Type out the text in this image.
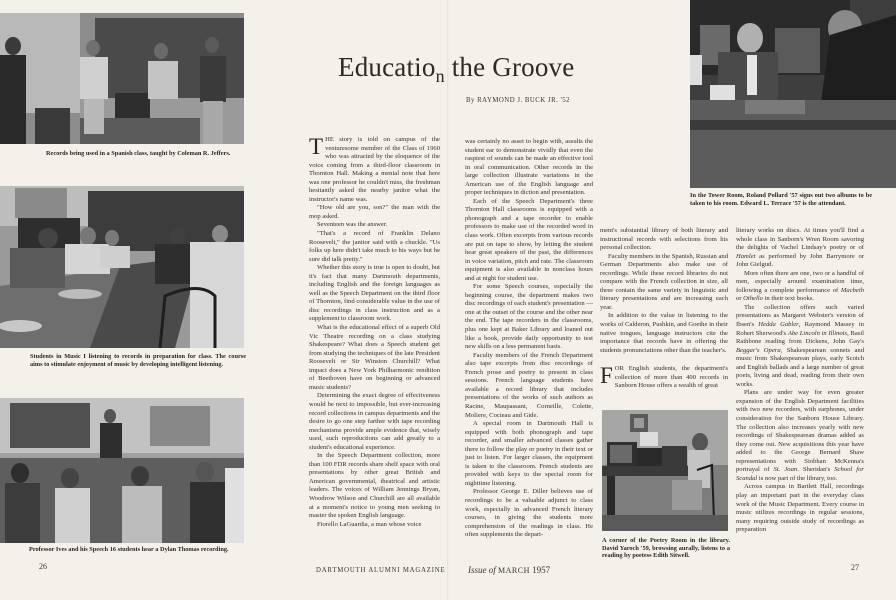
Records being used in a Spanish class, taught by Coleman R. Jeffers.
Students in Music I listening to records in preparation for class. The course aims to stimulate enjoyment of music by developing intelligent listening.
Professor Ives and his Speech 16 students hear a Dylan Thomas recording.
26
Educatio$_n$ the Groove
By RAYMOND J. BUCK JR. '52

THE story is told on campus of the venturesome member of the Class of 1960 who was attracted by the eloquence of the voice coming from a third-floor classroom in Thornton Hall. Making a mental note that here was one professor he couldn't miss, the freshman hesitantly asked the nearby janitor what the instructor's name was.

"How old are you, son?" the man with the mop asked.

Seventeen was the answer.

"That's a record of Franklin Delano Roosevelt," the janitor said with a chuckle. "Us folks up here didn't take much to his ways but he sure did talk pretty."

Whether this story is true is open to doubt, but it's fact that many Dartmouth departments, including English and the foreign languages as well as the Speech Department on the third floor of Thornton, find considerable value in the use of disc recordings in class instruction and as a supplement to classroom work.

What is the educational effect of a superb Old Vic Theatre recording on a class studying Shakespeare? What does a Speech student get from studying the techniques of the late President Roosevelt or Sir Winston Churchill? What impact does a New York Philharmonic rendition of Beethoven have on beginning or advanced music students?

Determining the exact degree of effectiveness would be next to impossible, but ever-increasing record collections in campus departments and the desire to go one step farther with tape recording mechanisms provide ample evidence that, wisely used, such reproductions can add greatly to a student's educational experience.

In the Speech Department collection, more than 100 FDR records share shelf space with oral presentations by other great British and American governmental, theatrical and artistic leaders. The voices of William Jennings Bryan, Woodrow Wilson and Churchill are all available at a moment's notice to young men seeking to master the spoken English language.

Fiorello LaGuardia, a man whose voice

DARTMOUTH ALUMNI MAGAZINE

was certainly no asset to begin with, assults the student ear to demonstrate vividly that even the raspiest of sounds can be made an effective tool in oral communication. Other records in the large collection illustrate variations in the American use of the English language and proper techniques in diction and presentation.

Each of the Speech Department's three Thornton Hall classrooms is equipped with a phonograph and a tape recorder to enable professors to make use of the recorded word in class work. Often excerpts from various records are put on tape to show, by letting the student hear great speakers of the past, the differences in voice variation, pitch and rate. The classroom equipment is also available in nonclass hours and at night for student use.

For some Speech courses, especially the beginning course, the department makes two disc recordings of each student's presentation — one at the outset of the course and the other near the end. The tape recorders in the classrooms, plus one kept at Baker Library and loaned out like a book, provide daily opportunity to test new skills on a less permanent basis.

Faculty members of the French Department also tape excerpts from disc recordings of French prose and poetry to present in class sessions. French language students have available a record library that includes presentations of the works of such authors as Racine, Maupassant, Corneille, Colette, Moliere, Cocteau and Gide.

A special room in Dartmouth Hall is equipped with both phonograph and tape recorder, and smaller advanced classes gather there to follow the play or poetry in their text or just to listen. For larger classes, the equipment is taken to the classroom. French students are provided with keys to the special room for nighttime listening.

Professor George E. Diller believes use of recordings to be a valuable adjunct to class work, especially in advanced French literary courses, in giving the students more comprehension of the readings in class. He often supplements the depart-

Issue of MARCH 1957

ment's substantial library of both literary and instructional records with selections from his personal collection.

Faculty members in the Spanish, Russian and German Departments also make use of recordings. While these record libraries do not compare with the French collection in size, all three contain the same variety in linguistic and literary presentations and are increasing each year.

In addition to the value in listening to the works of Calderon, Pushkin, and Goethe in their native tongues, language instructors cite the importance that records have in offering the students pronunciations other than the teacher's.

FOR English students, the department's collection of more than 400 records in Sanborn House offers a wealth of great

In the Tower Room, Roland Pollard '57 signs out two albums to be taken to his room. Edward L. Terrace '57 is the attendant.
A corner of the Poetry Room in the library. David Yaroch '59, browsing aurally, listens to a reading by poetess Edith Sitwell.

literary works on discs. At times you'll find a whole class in Sanborn's Wren Room savoring the delights of Vachel Lindsay's poetry or of Hamlet as performed by John Barrymore or John Gielgud.

More often there are one, two or a handful of men, especially around examination time, following a complete performance of Macbeth or Othello in their text books.

The collection offers such varied presentations as Margaret Webster's version of Ibsen's Hedda Gabler, Raymond Massey in Robert Sherwood's Abe Lincoln in Illinois, Basil Rathbone reading from Dickens, John Gay's Beggar's Opera, Shakespearean sonnets and music from Shakespearean plays, early Scotch and English ballads and a large number of great poets, living and dead, reading from their own works.

Plans are under way for even greater expansion of the English Department facilities with two new recorders, with earphones, under consideration for the Sanborn House Library. The collection also increases yearly with new recordings of Shakespearean dramas added as they come out. New acquisitions this year have added to the George Bernard Shaw representations with Siobhan McKenna's portrayal of St. Joan. Sheridan's School for Scandal is now part of the library, too.

Across campus in Bartlett Hall, recordings play an important part in the everyday class work of the Music Department. Every course in music utilizes recordings in regular sessions, many requiring outside study of recordings as preparation

27
